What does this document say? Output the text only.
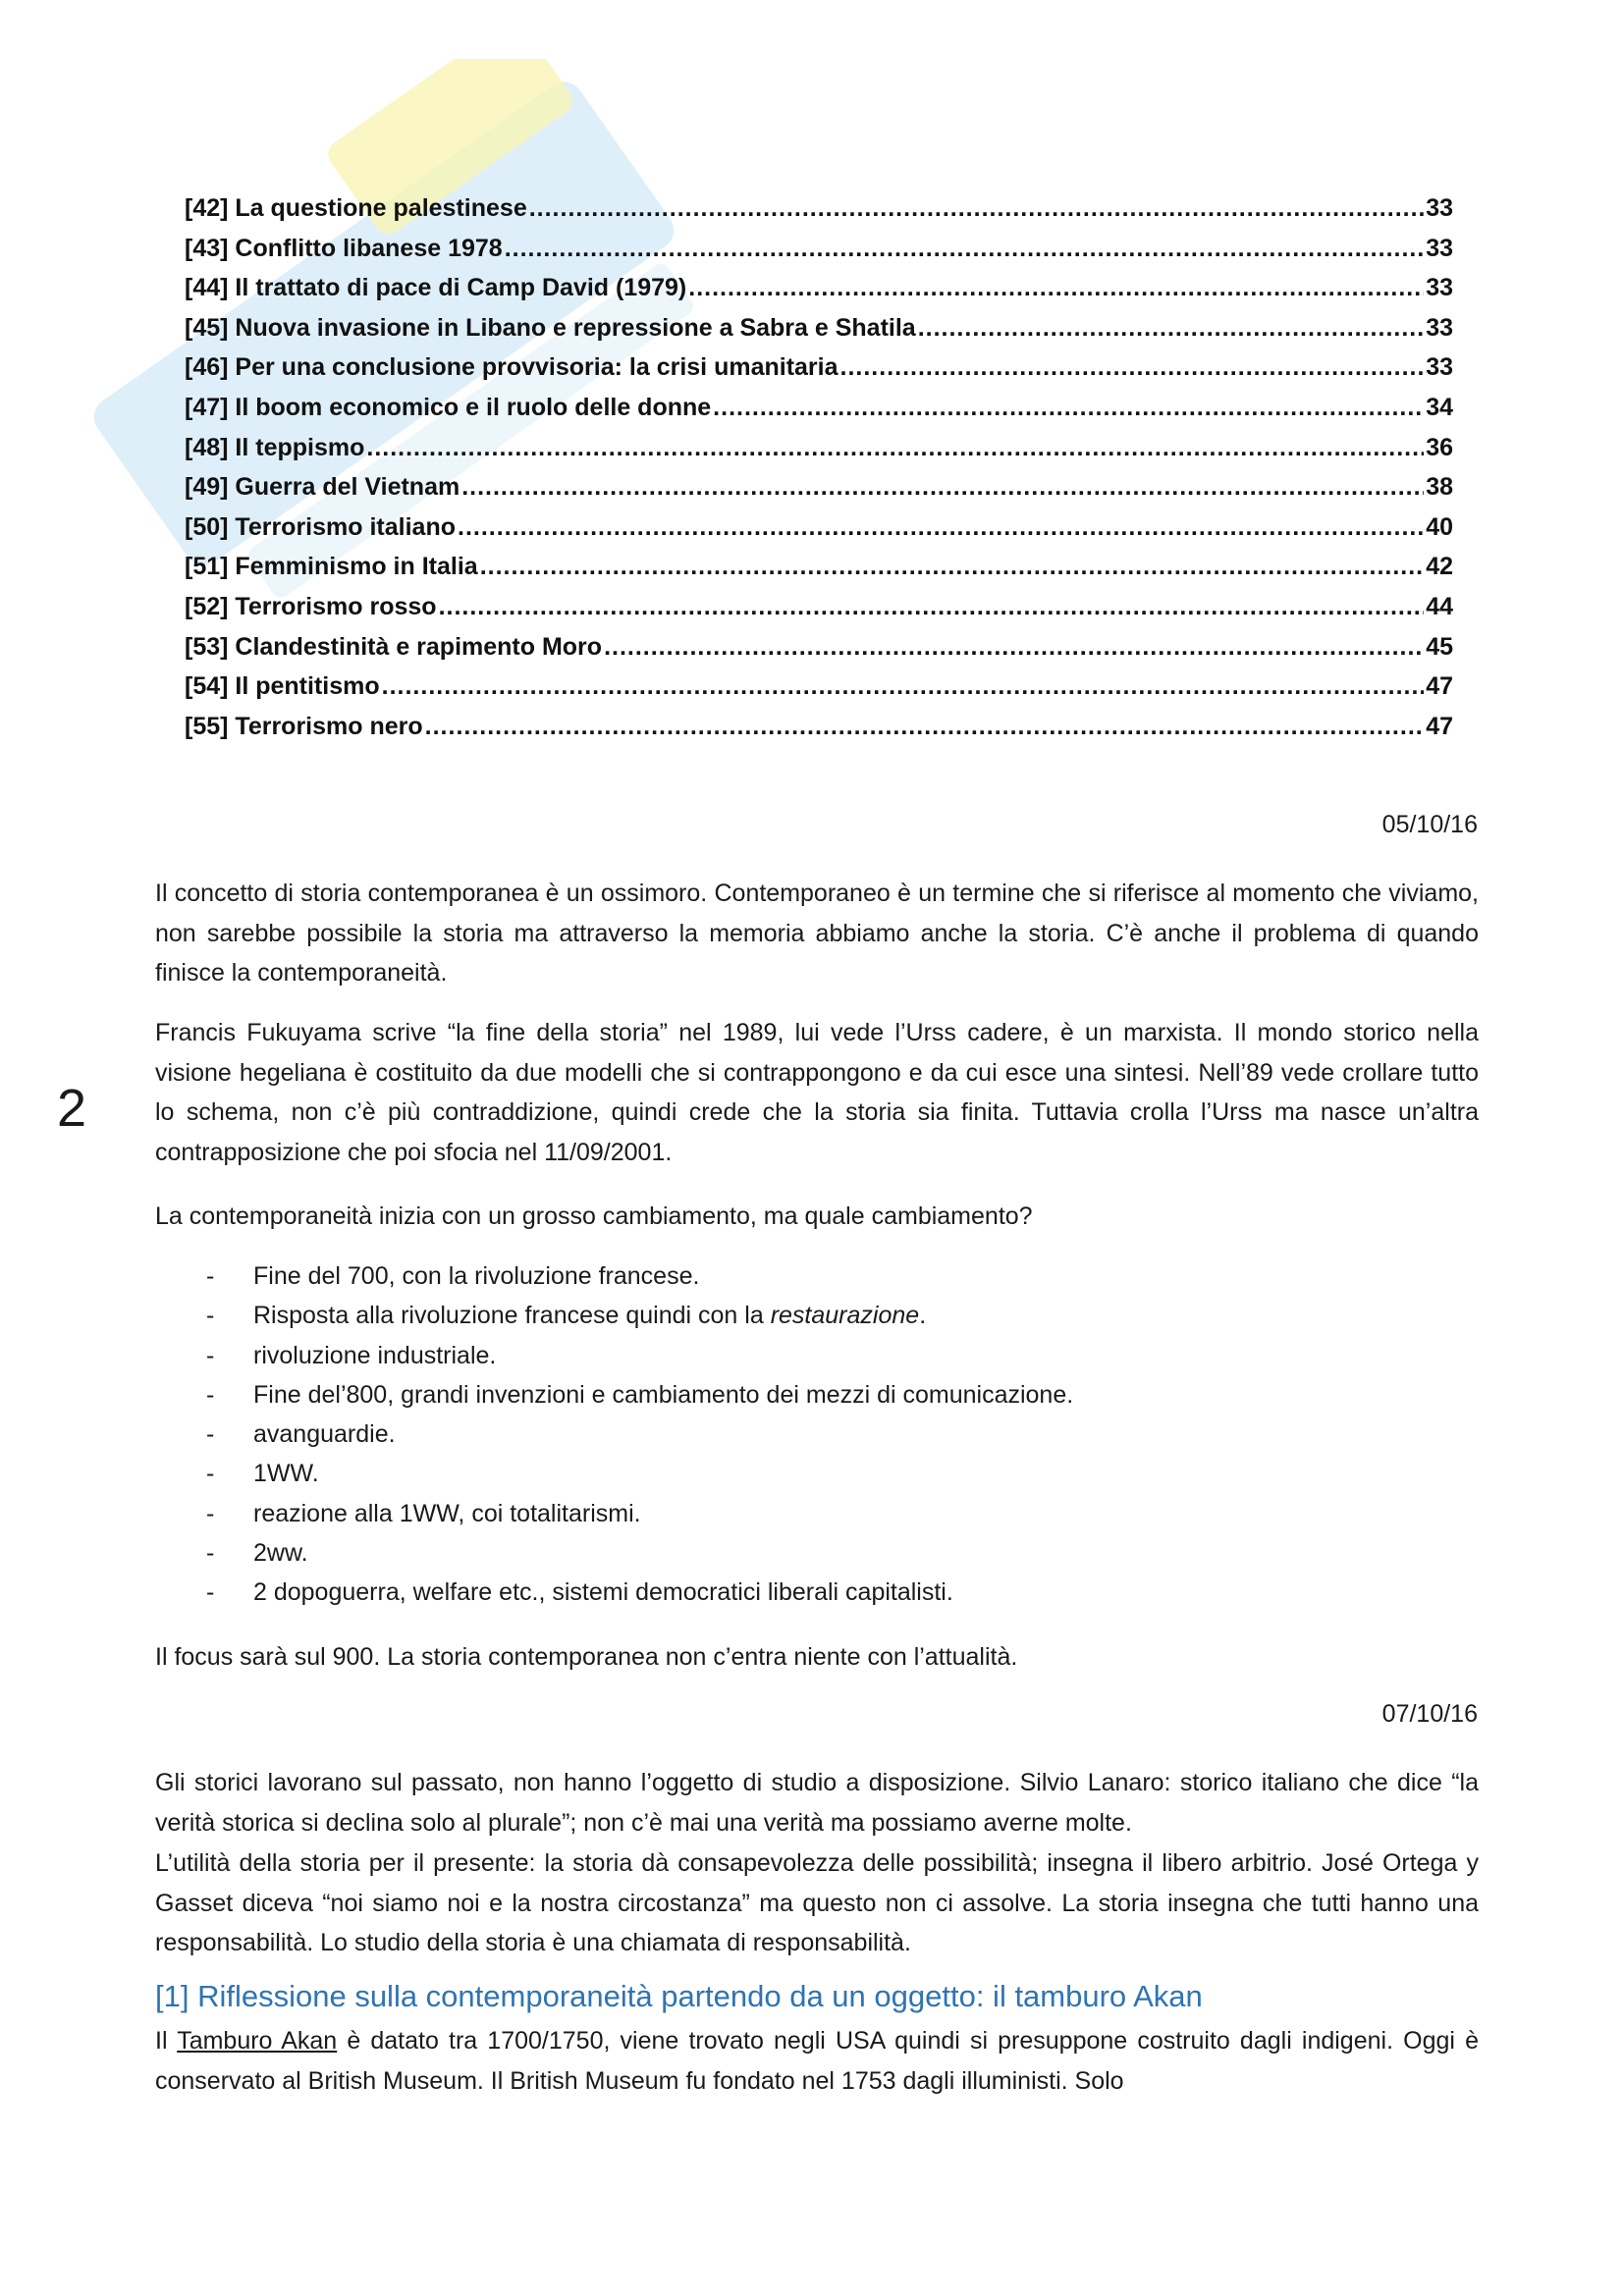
[42] La questione palestinese .....	33
[43] Conflitto libanese 1978 .....	33
[44] Il trattato di pace di Camp David (1979) .....	33
[45] Nuova invasione in Libano e repressione a Sabra e Shatila .....	33
[46] Per una conclusione provvisoria: la crisi umanitaria .....	33
[47] Il boom economico e il ruolo delle donne .....	34
[48] Il teppismo .....	36
[49] Guerra del Vietnam .....	38
[50] Terrorismo italiano .....	40
[51] Femminismo in Italia .....	42
[52] Terrorismo rosso .....	44
[53] Clandestinità e rapimento Moro .....	45
[54] Il pentitismo .....	47
[55] Terrorismo nero .....	47
2
05/10/16
Il concetto di storia contemporanea è un ossimoro. Contemporaneo è un termine che si riferisce al momento che viviamo, non sarebbe possibile la storia ma attraverso la memoria abbiamo anche la storia. C’è anche il problema di quando finisce la contemporaneità.
Francis Fukuyama scrive “la fine della storia” nel 1989, lui vede l’Urss cadere, è un marxista. Il mondo storico nella visione hegeliana è costituito da due modelli che si contrappongono e da cui esce una sintesi. Nell’89 vede crollare tutto lo schema, non c’è più contraddizione, quindi crede che la storia sia finita. Tuttavia crolla l’Urss ma nasce un’altra contrapposizione che poi sfocia nel 11/09/2001.
La contemporaneità inizia con un grosso cambiamento, ma quale cambiamento?
-	Fine del 700, con la rivoluzione francese.
-	Risposta alla rivoluzione francese quindi con la restaurazione.
-	rivoluzione industriale.
-	Fine del’800, grandi invenzioni e cambiamento dei mezzi di comunicazione.
-	avanguardie.
-	1WW.
-	reazione alla 1WW, coi totalitarismi.
-	2ww.
-	2 dopoguerra, welfare etc., sistemi democratici liberali capitalisti.
Il focus sarà sul 900. La storia contemporanea non c’entra niente con l’attualità.
07/10/16
Gli storici lavorano sul passato, non hanno l’oggetto di studio a disposizione. Silvio Lanaro: storico italiano che dice “la verità storica si declina solo al plurale”; non c’è mai una verità ma possiamo averne molte.
L’utilità della storia per il presente: la storia dà consapevolezza delle possibilità; insegna il libero arbitrio. José Ortega y Gasset diceva “noi siamo noi e la nostra circostanza” ma questo non ci assolve. La storia insegna che tutti hanno una responsabilità. Lo studio della storia è una chiamata di responsabilità.
[1] Riflessione sulla contemporaneità partendo da un oggetto: il tamburo Akan
Il Tamburo Akan è datato tra 1700/1750, viene trovato negli USA quindi si presuppone costruito dagli indigeni. Oggi è conservato al British Museum. Il British Museum fu fondato nel 1753 dagli illuministi. Solo
